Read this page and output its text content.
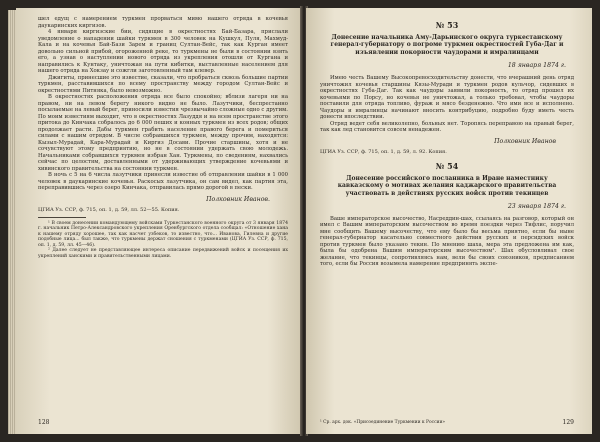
шел едущ с намерением туркмен прорваться мимо нашего отряда в кочевья даукаринских киргизов.

4 января киргизские бии, сидящие в окрестностях Бай-Базара, прислали уведомление о нападении шайки туркмен в 300 человек на Кушкул, Пуля, Махмуд-Кала и на кочевья Бай-Бази Зарем и границ Султан-Вейс, так как Курган имеет довольно сильной прибой, огороженной реке, то туркмены не были в состоянии взять его, а узнав о наступлении нового отряда из укрепления отошли от Кургана и направились к Кунтаку, уничтожая на пути кибитки, выставленные населением для нашего отряда на Хокзау и сожгли заготовленный там клевер.

Джигиты, принесшие это известие, сказали, что пробраться сквозь большие партии туркмен, расставившихся по всему пространству между городом Султан-Вейс и окрестностями Питняка, было невозможно.

В окрестностях расположения отряда все было спокойно; вблизи лагеря ни на правом, ни на левом берегу никого видно не было. Лазутчики, беспрестанно посылаемые на левый берег, приносили известия чрезвычайно сложные одно с другим. По моим известиям выходит, что в окрестностях Лазуддя и на всем пространстве этого притока до Кинчака собралось до 6 000 пеших и конных туркмен из всех родов; общих продолжает расти. Дабы туркмен грабить население правого берега и помериться силами с нашим отрядом. В числе собравшихся туркмен, между прочим, находятся: Кызыл-Мурадай, Кара-Мурадай и Киргиз Досави. Прочие старшины, хотя и не сочувствуют этому предприятию, но не в состоянии удержать свою молодежь. Начальниками собравшихся туркмен избран Хан. Туркмены, по сведениям, нахвались сейчас по целостям, доставленными от удерживающих утверждение кочевьями и хивинского правительства на состоянии туркмен.

В ночь с 5 на 6 числа лазутчики принесли известие об отправлении шайки в 1 000 человек в даукаринские кочевья. Раскосых лазутчика, он сам видел, как партия эта, переправившись через озеро Кинчака, отправилась прямо дорогой в пески.

Полковник Иванов.

ЦГИА Уз. ССР, ф. 715, оп. 1, д. 59, лл. 52—55. Копия.

¹ В своем донесении командующему войсками Туркестанского военного округа от 3 января 1874 г. начальник Петро-Александровского укрепления Оренбургского отдела сообщал: «Отношение хана к нашему отряду хорошее, так как насчет узбеков, то известно, что... Иванова, Гилевна и другие подобные лица... был также, что туркмены держат сношения с туркменами (ЦГИА Уз. ССР, ф. 715, оп. 1, д. 59, лл. 45—46).

² Далее следует не представляющее интереса описание передвижений войск и посещения их укреплений ханскими и правительственными лицами.

128
№ 53
Донесение начальника Аму-Дарьинского округа туркестанскому генерал-губернатору о погроме туркмен окрестностей Губа-Даг и изъявлении покорности чаудорами и имралинцами
18 января 1874 г.

Имею честь Вашему Высокопревосходительству донести, что вчерашний день отряд уничтожил кочевья старшины Кязы-Муради и туркмен родов кульчор, сидевших в окрестностях Губа-Даг. Так как чаудоры заявили покорность, то отряд прошел их кочевьями по Порсу, но кочевья не уничтожал, а только требовал, чтобы чаудоры поставили для отряда топливо, фураж и мясо безденежно. Что ими все и исполнено. Чаудоры и имралинцы начинают вносить контрибуцию, подробно буду иметь честь донести впоследствии.

Отряд ведет себя великолепно, больных нет. Торопясь переправою на правый берег, так как лед становится совсем ненадежен.

Полковник Иванов

ЦГИА Уз. ССР, ф. 715, оп. 1, д. 59, л. 92. Копия.

№ 54
Донесение российского посланника в Иране наместнику кавказскому о мотивах желания каджарского правительства участвовать в действиях русских войск против текинцев
23 января 1874 г.

Ваше императорское высочество, Насреддин-шах, ссылаясь на разговор, который он имел с Вашим императорским высочеством во время поездки через Тифлис, поручил мне сообщить Вашему высочеству, что ему было бы весьма приятно, если бы ныне генерал-губернатор касательно совместного действия русских и персидских войск против туркмен было указано текин. По мнению шаха, мера эта предложена им как, была бы одобрена Вашим императорским высочеством¹. Шах обусловливал свое желание, что текинцы, сопротивляясь нам, вели бы своих союзников, предписанием того, если бы Россия возымела намерение предпринять экспе-

¹ Ср. арх. док. «Присоединение Туркмении к России»	129
